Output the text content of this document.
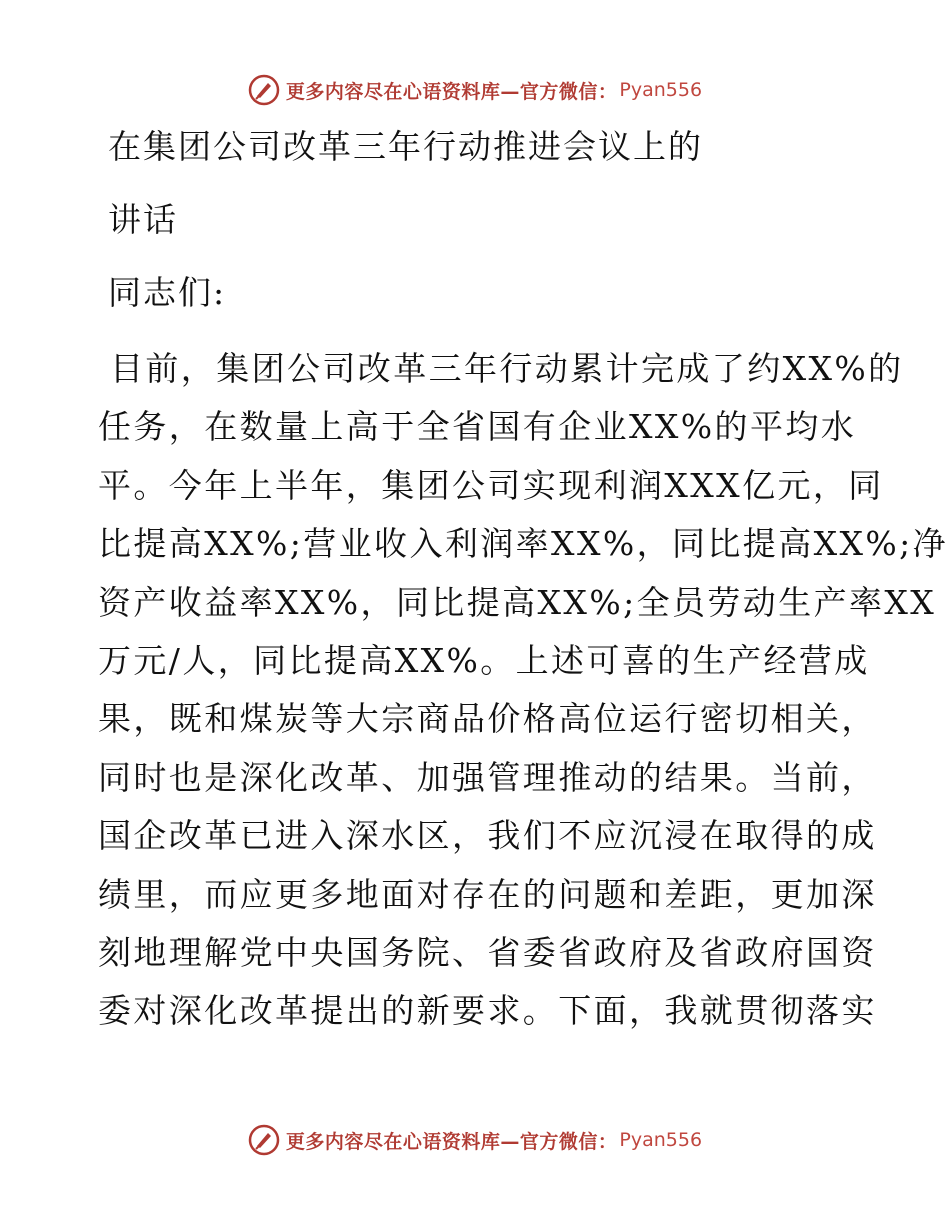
更多内容尽在心语资料库—官方微信： Pyan556
在集团公司改革三年行动推进会议上的
讲话
同志们:
目前，集团公司改革三年行动累计完成了约XX%的
任务，在数量上高于全省国有企业XX%的平均水
平。今年上半年，集团公司实现利润XXX亿元，同
比提高XX%;营业收入利润率XX%，同比提高XX%;净
资产收益率XX%，同比提高XX%;全员劳动生产率XX
万元/人，同比提高XX%。上述可喜的生产经营成
果，既和煤炭等大宗商品价格高位运行密切相关，
同时也是深化改革、加强管理推动的结果。当前，
国企改革已进入深水区，我们不应沉浸在取得的成
绩里，而应更多地面对存在的问题和差距，更加深
刻地理解党中央国务院、省委省政府及省政府国资
委对深化改革提出的新要求。下面，我就贯彻落实
更多内容尽在心语资料库—官方微信： Pyan556
